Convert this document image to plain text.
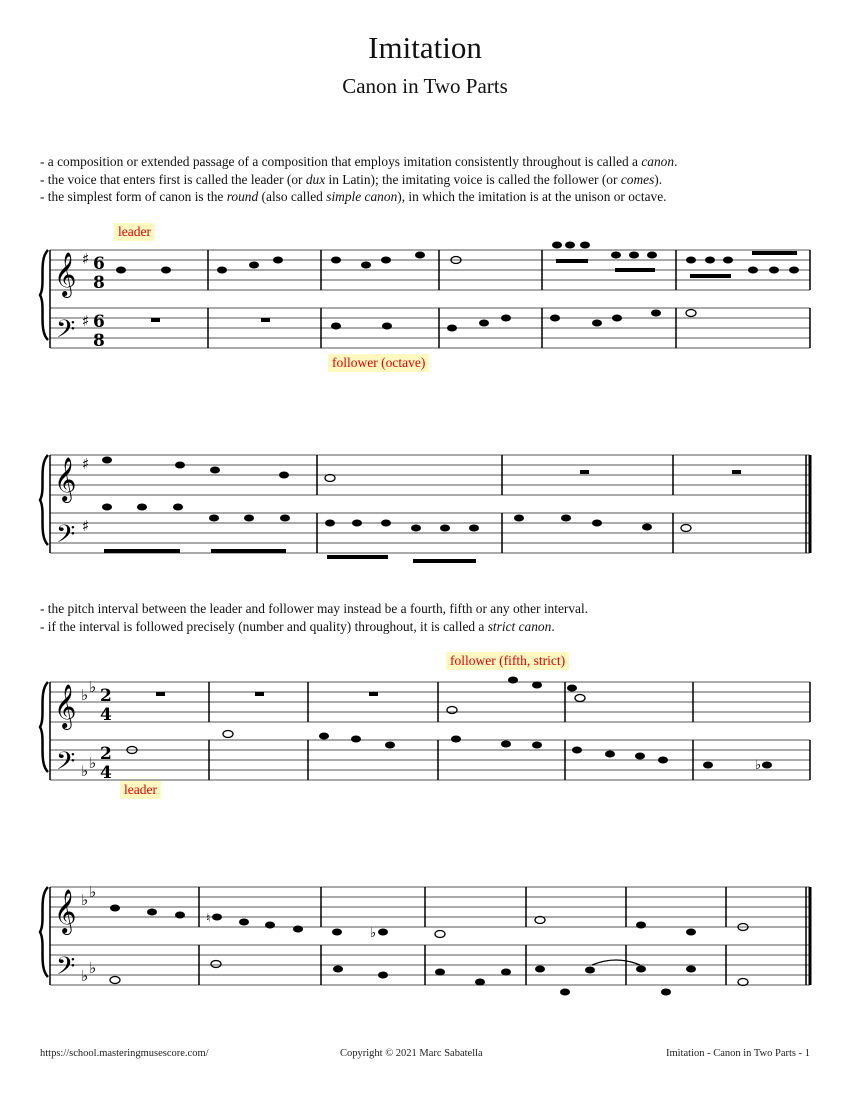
Imitation
Canon in Two Parts
- a composition or extended passage of a composition that employs imitation consistently throughout is called a canon.
- the voice that enters first is called the leader (or dux in Latin); the imitating voice is called the follower (or comes).
- the simplest form of canon is the round (also called simple canon), in which the imitation is at the unison or octave.
𝄞
𝄢
♯
♯
6
8
6
8
leader
follower (octave)
𝄞
𝄢
♯
♯
- the pitch interval between the leader and follower may instead be a fourth, fifth or any other interval.
- if the interval is followed precisely (number and quality) throughout, it is called a strict canon.
𝄞
𝄢
♭ ♭
♭ ♭
2
4
2
4	♭
leader
follower (fifth, strict)
𝄞
𝄢
♭ ♭
♭ ♭
♮
♭
https://school.masteringmusescore.com/	Copyright © 2021 Marc Sabatella	Imitation - Canon in Two Parts - 1
